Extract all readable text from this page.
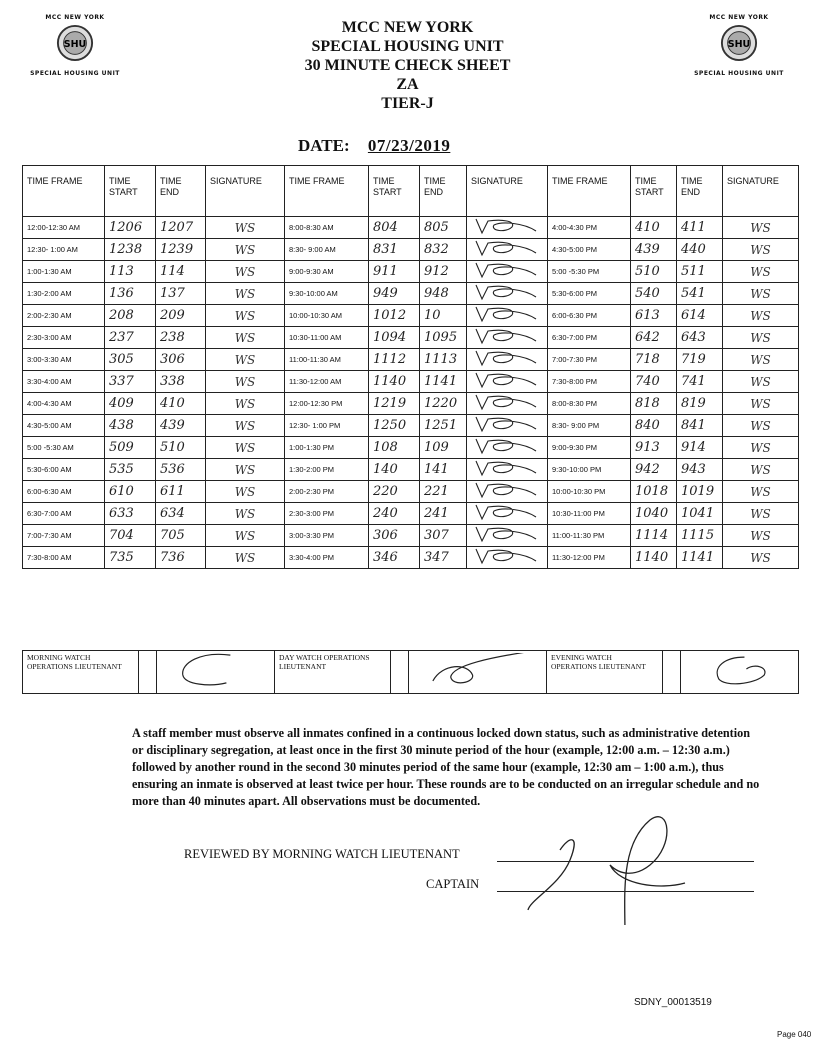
MCC NEW YORK
SHU
SPECIAL HOUSING UNIT
MCC NEW YORK
SHU
SPECIAL HOUSING UNIT
MCC NEW YORK
SPECIAL HOUSING UNIT
30 MINUTE CHECK SHEET
ZA
TIER-J
DATE: 07/23/2019
TIME FRAME	TIME START	TIME END	SIGNATURE	TIME FRAME	TIME START	TIME END	SIGNATURE	TIME FRAME	TIME START	TIME END	SIGNATURE
12:00-12:30 AM	1206	1207	WS	8:00-8:30 AM	804	805		4:00-4:30 PM	410	411	WS
12:30- 1:00 AM	1238	1239	WS	8:30- 9:00 AM	831	832		4:30-5:00 PM	439	440	WS
1:00-1:30 AM	113	114	WS	9:00-9:30 AM	911	912		5:00 -5:30 PM	510	511	WS
1:30-2:00 AM	136	137	WS	9:30-10:00 AM	949	948		5:30-6:00 PM	540	541	WS
2:00-2:30 AM	208	209	WS	10:00-10:30 AM	1012	10		6:00-6:30 PM	613	614	WS
2:30-3:00 AM	237	238	WS	10:30-11:00 AM	1094	1095		6:30-7:00 PM	642	643	WS
3:00-3:30 AM	305	306	WS	11:00-11:30 AM	1112	1113		7:00-7:30 PM	718	719	WS
3:30-4:00 AM	337	338	WS	11:30-12:00 AM	1140	1141		7:30-8:00 PM	740	741	WS
4:00-4:30 AM	409	410	WS	12:00-12:30 PM	1219	1220		8:00-8:30 PM	818	819	WS
4:30-5:00 AM	438	439	WS	12:30- 1:00 PM	1250	1251		8:30- 9:00 PM	840	841	WS
5:00 -5:30 AM	509	510	WS	1:00-1:30 PM	108	109		9:00-9:30 PM	913	914	WS
5:30-6:00 AM	535	536	WS	1:30-2:00 PM	140	141		9:30-10:00 PM	942	943	WS
6:00-6:30 AM	610	611	WS	2:00-2:30 PM	220	221		10:00-10:30 PM	1018	1019	WS
6:30-7:00 AM	633	634	WS	2:30-3:00 PM	240	241		10:30-11:00 PM	1040	1041	WS
7:00-7:30 AM	704	705	WS	3:00-3:30 PM	306	307		11:00-11:30 PM	1114	1115	WS
7:30-8:00 AM	735	736	WS	3:30-4:00 PM	346	347		11:30-12:00 PM	1140	1141	WS
MORNING WATCH OPERATIONS LIEUTENANT			DAY WATCH OPERATIONS LIEUTENANT			EVENING WATCH OPERATIONS LIEUTENANT		
A staff member must observe all inmates confined in a continuous locked down status, such as administrative detention or disciplinary segregation, at least once in the first 30 minute period of the hour (example, 12:00 a.m. – 12:30 a.m.) followed by another round in the second 30 minutes period of the same hour (example, 12:30 am – 1:00 a.m.), thus ensuring an inmate is observed at least twice per hour. These rounds are to be conducted on an irregular schedule and no more than 40 minutes apart. All observations must be documented.
REVIEWED BY MORNING WATCH LIEUTENANT
CAPTAIN
SDNY_00013519
Page 040
